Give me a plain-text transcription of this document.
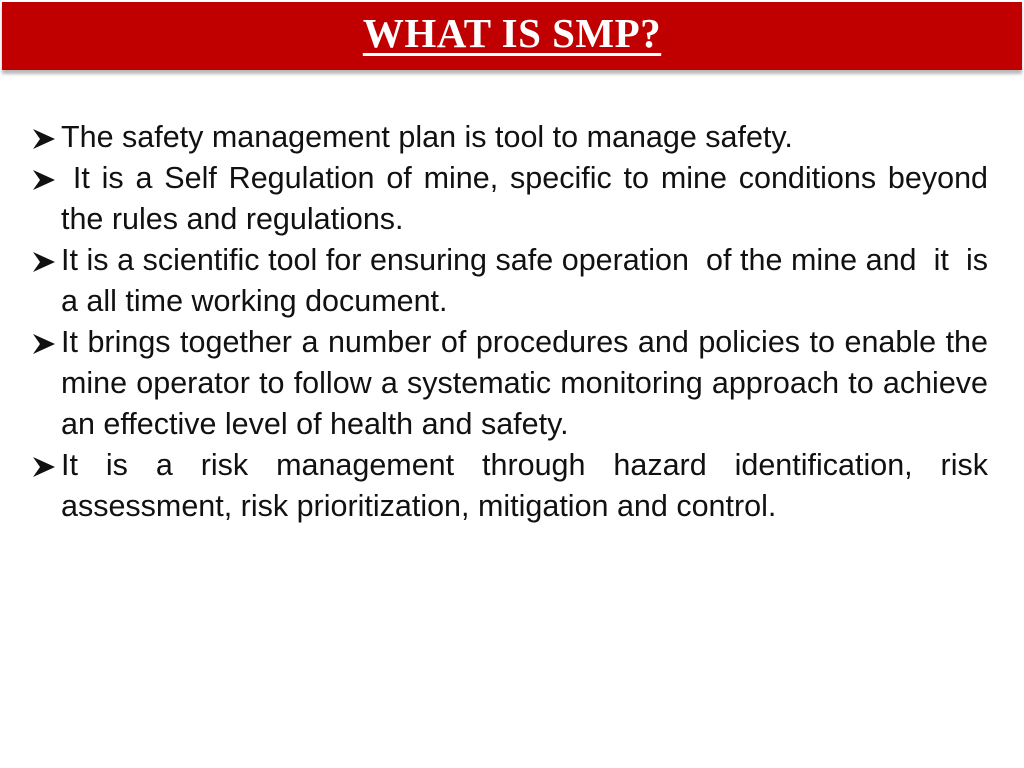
WHAT IS SMP?
The safety management plan is tool to manage safety.
It is a Self Regulation of mine, specific to mine conditions beyond the rules and regulations.
It is a scientific tool for ensuring safe operation  of the mine and  it  is a all time working document.
It brings together a number of procedures and policies to enable the mine operator to follow a systematic monitoring approach to achieve an effective level of health and safety.
It is a risk management through hazard identification, risk assessment, risk prioritization, mitigation and control.
